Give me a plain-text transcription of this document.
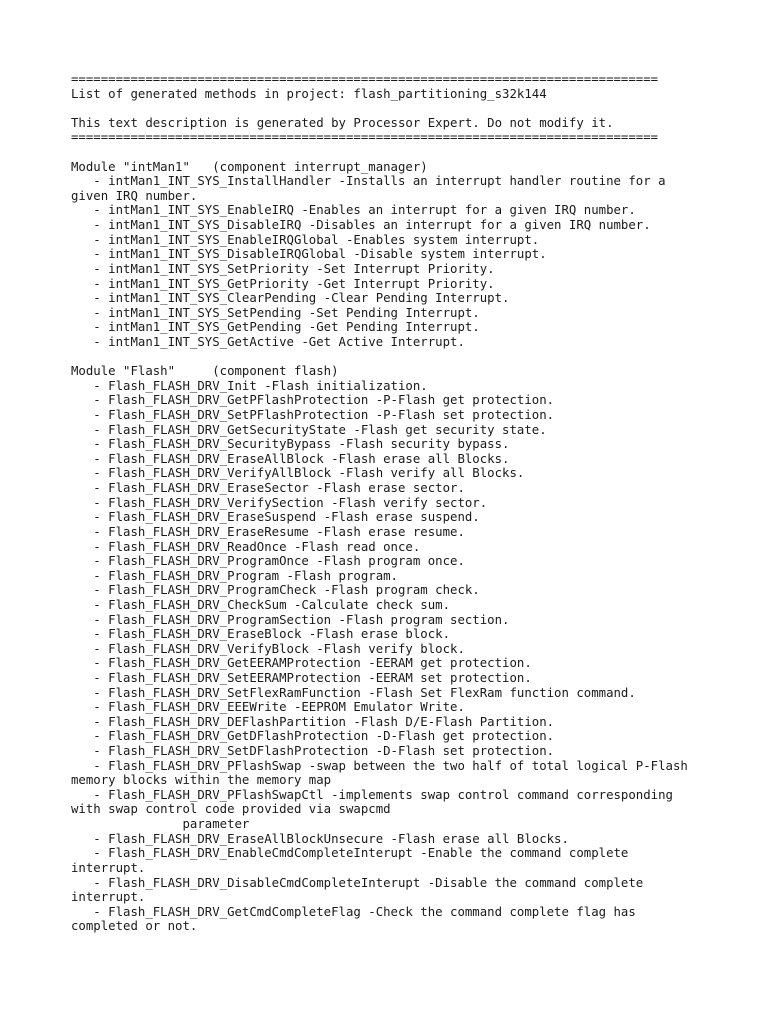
===============================================================================
List of generated methods in project: flash_partitioning_s32k144
This text description is generated by Processor Expert. Do not modify it.
===============================================================================
Module "intMan1"   (component interrupt_manager)
- intMan1_INT_SYS_InstallHandler -Installs an interrupt handler routine for a
given IRQ number.
- intMan1_INT_SYS_EnableIRQ -Enables an interrupt for a given IRQ number.
- intMan1_INT_SYS_DisableIRQ -Disables an interrupt for a given IRQ number.
- intMan1_INT_SYS_EnableIRQGlobal -Enables system interrupt.
- intMan1_INT_SYS_DisableIRQGlobal -Disable system interrupt.
- intMan1_INT_SYS_SetPriority -Set Interrupt Priority.
- intMan1_INT_SYS_GetPriority -Get Interrupt Priority.
- intMan1_INT_SYS_ClearPending -Clear Pending Interrupt.
- intMan1_INT_SYS_SetPending -Set Pending Interrupt.
- intMan1_INT_SYS_GetPending -Get Pending Interrupt.
- intMan1_INT_SYS_GetActive -Get Active Interrupt.
Module "Flash"     (component flash)
- Flash_FLASH_DRV_Init -Flash initialization.
- Flash_FLASH_DRV_GetPFlashProtection -P-Flash get protection.
- Flash_FLASH_DRV_SetPFlashProtection -P-Flash set protection.
- Flash_FLASH_DRV_GetSecurityState -Flash get security state.
- Flash_FLASH_DRV_SecurityBypass -Flash security bypass.
- Flash_FLASH_DRV_EraseAllBlock -Flash erase all Blocks.
- Flash_FLASH_DRV_VerifyAllBlock -Flash verify all Blocks.
- Flash_FLASH_DRV_EraseSector -Flash erase sector.
- Flash_FLASH_DRV_VerifySection -Flash verify sector.
- Flash_FLASH_DRV_EraseSuspend -Flash erase suspend.
- Flash_FLASH_DRV_EraseResume -Flash erase resume.
- Flash_FLASH_DRV_ReadOnce -Flash read once.
- Flash_FLASH_DRV_ProgramOnce -Flash program once.
- Flash_FLASH_DRV_Program -Flash program.
- Flash_FLASH_DRV_ProgramCheck -Flash program check.
- Flash_FLASH_DRV_CheckSum -Calculate check sum.
- Flash_FLASH_DRV_ProgramSection -Flash program section.
- Flash_FLASH_DRV_EraseBlock -Flash erase block.
- Flash_FLASH_DRV_VerifyBlock -Flash verify block.
- Flash_FLASH_DRV_GetEERAMProtection -EERAM get protection.
- Flash_FLASH_DRV_SetEERAMProtection -EERAM set protection.
- Flash_FLASH_DRV_SetFlexRamFunction -Flash Set FlexRam function command.
- Flash_FLASH_DRV_EEEWrite -EEPROM Emulator Write.
- Flash_FLASH_DRV_DEFlashPartition -Flash D/E-Flash Partition.
- Flash_FLASH_DRV_GetDFlashProtection -D-Flash get protection.
- Flash_FLASH_DRV_SetDFlashProtection -D-Flash set protection.
- Flash_FLASH_DRV_PFlashSwap -swap between the two half of total logical P-Flash
memory blocks within the memory map
- Flash_FLASH_DRV_PFlashSwapCtl -implements swap control command corresponding
with swap control code provided via swapcmd
parameter
- Flash_FLASH_DRV_EraseAllBlockUnsecure -Flash erase all Blocks.
- Flash_FLASH_DRV_EnableCmdCompleteInterupt -Enable the command complete
interrupt.
- Flash_FLASH_DRV_DisableCmdCompleteInterupt -Disable the command complete
interrupt.
- Flash_FLASH_DRV_GetCmdCompleteFlag -Check the command complete flag has
completed or not.
